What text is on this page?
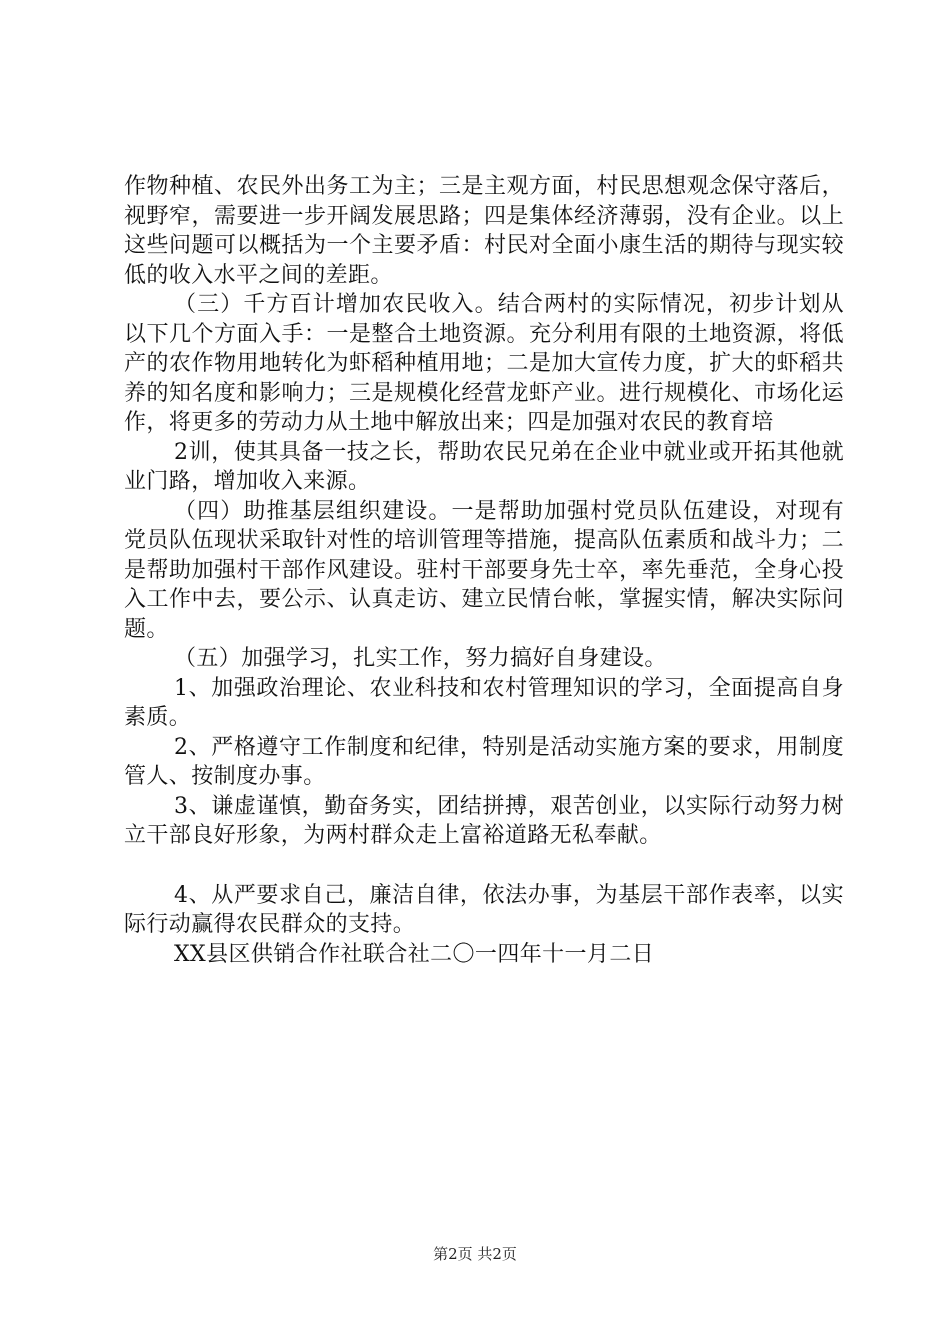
作物种植、农民外出务工为主；三是主观方面，村民思想观念保守落后，视野窄，需要进一步开阔发展思路；四是集体经济薄弱，没有企业。以上这些问题可以概括为一个主要矛盾：村民对全面小康生活的期待与现实较低的收入水平之间的差距。

（三）千方百计增加农民收入。结合两村的实际情况，初步计划从以下几个方面入手：一是整合土地资源。充分利用有限的土地资源，将低产的农作物用地转化为虾稻种植用地；二是加大宣传力度，扩大的虾稻共养的知名度和影响力；三是规模化经营龙虾产业。进行规模化、市场化运作，将更多的劳动力从土地中解放出来；四是加强对农民的教育培

2训，使其具备一技之长，帮助农民兄弟在企业中就业或开拓其他就业门路，增加收入来源。

（四）助推基层组织建设。一是帮助加强村党员队伍建设，对现有党员队伍现状采取针对性的培训管理等措施，提高队伍素质和战斗力；二是帮助加强村干部作风建设。驻村干部要身先士卒，率先垂范，全身心投入工作中去，要公示、认真走访、建立民情台帐，掌握实情，解决实际问题。

（五）加强学习，扎实工作，努力搞好自身建设。

1、加强政治理论、农业科技和农村管理知识的学习，全面提高自身素质。

2、严格遵守工作制度和纪律，特别是活动实施方案的要求，用制度管人、按制度办事。

3、谦虚谨慎，勤奋务实，团结拼搏，艰苦创业，以实际行动努力树立干部良好形象，为两村群众走上富裕道路无私奉献。

4、从严要求自己，廉洁自律，依法办事，为基层干部作表率，以实际行动赢得农民群众的支持。

XX县区供销合作社联合社二〇一四年十一月二日

第2页 共2页
